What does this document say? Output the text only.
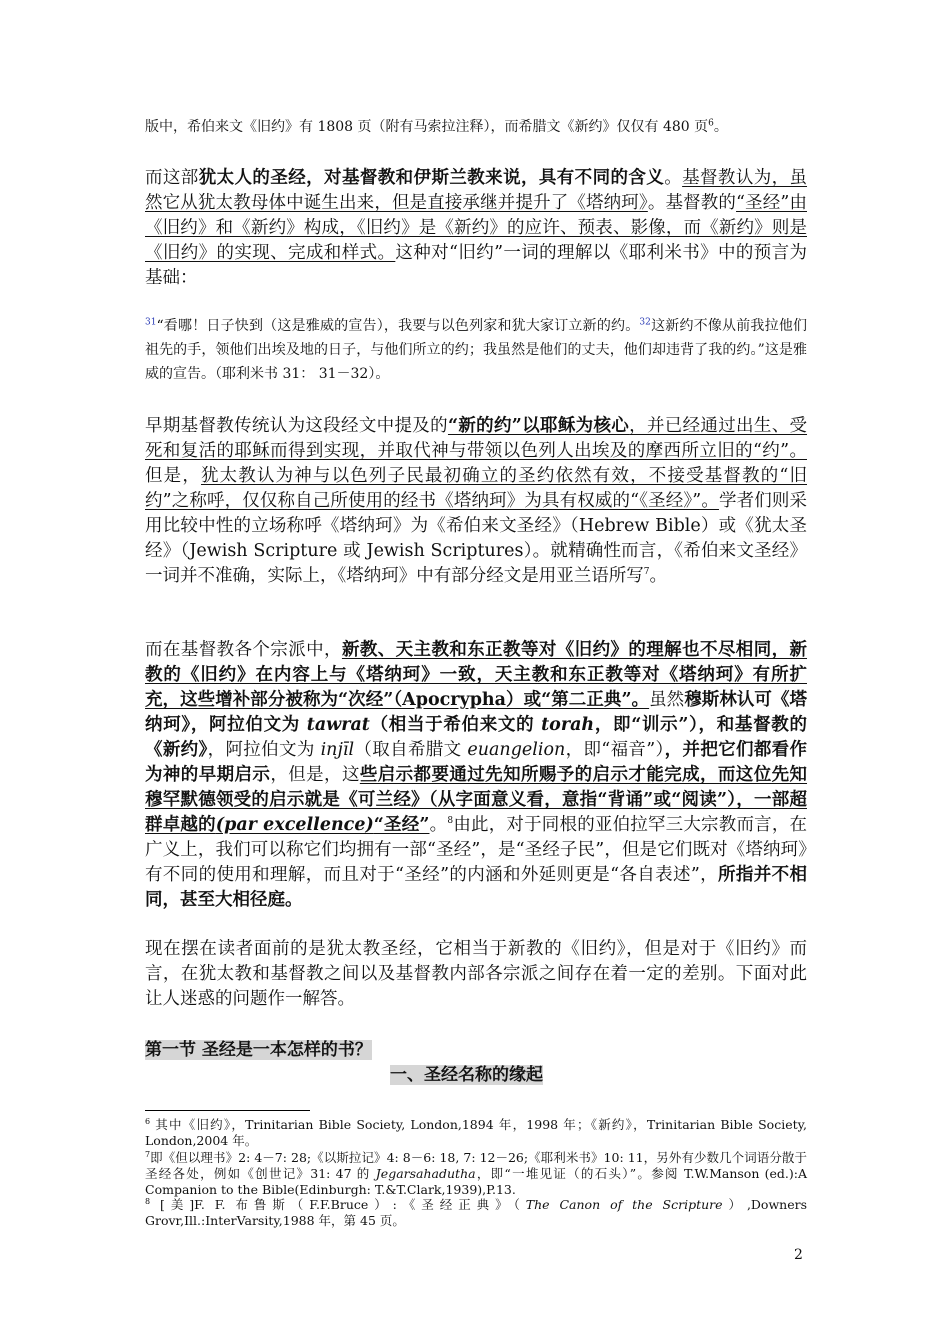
版中，希伯来文《旧约》有 1808 页（附有马索拉注释），而希腊文《新约》仅仅有 480 页$^6$。

而这部犹太人的圣经，对基督教和伊斯兰教来说，具有不同的含义。基督教认为，虽然它从犹太教母体中诞生出来，但是直接承继并提升了《塔纳珂》。基督教的“圣经”由《旧约》和《新约》构成，《旧约》是《新约》的应许、预表、影像，而《新约》则是《旧约》的实现、完成和样式。这种对“旧约”一词的理解以《耶利米书》中的预言为基础：

$^{31}$“看哪！日子快到（这是雅威的宣告），我要与以色列家和犹大家订立新的约。$^{32}$这新约不像从前我拉他们祖先的手，领他们出埃及地的日子，与他们所立的约；我虽然是他们的丈夫，他们却违背了我的约。”这是雅威的宣告。（耶利米书 31： 31－32）。

早期基督教传统认为这段经文中提及的“新的约”以耶稣为核心，并已经通过出生、受死和复活的耶稣而得到实现，并取代神与带领以色列人出埃及的摩西所立旧的“约”。但是，犹太教认为神与以色列子民最初确立的圣约依然有效，不接受基督教的“旧约”之称呼，仅仅称自己所使用的经书《塔纳珂》为具有权威的“《圣经》”。学者们则采用比较中性的立场称呼《塔纳珂》为《希伯来文圣经》（Hebrew Bible）或《犹太圣经》（Jewish Scripture 或 Jewish Scriptures）。就精确性而言，《希伯来文圣经》一词并不准确，实际上，《塔纳珂》中有部分经文是用亚兰语所写$^7$。

而在基督教各个宗派中，新教、天主教和东正教等对《旧约》的理解也不尽相同，新教的《旧约》在内容上与《塔纳珂》一致，天主教和东正教等对《塔纳珂》有所扩充，这些增补部分被称为“次经”（Apocrypha）或“第二正典”。虽然穆斯林认可《塔纳珂》，阿拉伯文为 tawrat（相当于希伯来文的 torah，即“训示”），和基督教的《新约》，阿拉伯文为 injīl（取自希腊文 euangelion，即“福音”），并把它们都看作为神的早期启示，但是，这些启示都要通过先知所赐予的启示才能完成，而这位先知穆罕默德领受的启示就是《可兰经》（从字面意义看，意指“背诵”或“阅读”），一部超群卓越的(par excellence)“圣经”。$^8$由此，对于同根的亚伯拉罕三大宗教而言，在广义上，我们可以称它们均拥有一部“圣经”，是“圣经子民”，但是它们既对《塔纳珂》有不同的使用和理解，而且对于“圣经”的内涵和外延则更是“各自表述”，所指并不相同，甚至大相径庭。

现在摆在读者面前的是犹太教圣经，它相当于新教的《旧约》，但是对于《旧约》而言，在犹太教和基督教之间以及基督教内部各宗派之间存在着一定的差别。下面对此让人迷惑的问题作一解答。

第一节 圣经是一本怎样的书？
一、圣经名称的缘起

$^6$ 其中《旧约》，Trinitarian Bible Society, London,1894 年，1998 年；《新约》，Trinitarian Bible Society, London,2004 年。

$^7$即《但以理书》2: 4－7: 28;《以斯拉记》4: 8－6: 18, 7: 12－26;《耶利米书》10: 11，另外有少数几个词语分散于圣经各处，例如《创世记》31: 47 的 Jegarsahadutha，即“一堆见证（的石头）”。参阅 T.W.Manson (ed.):A Companion to the Bible(Edinburgh: T.&T.Clark,1939),P.13.

$^8$ [美]F. F. 布鲁斯（F.F.Bruce）:《圣经正典》（The Canon of the Scripture）,Downers Grovr,Ill.:InterVarsity,1988 年，第 45 页。

2
